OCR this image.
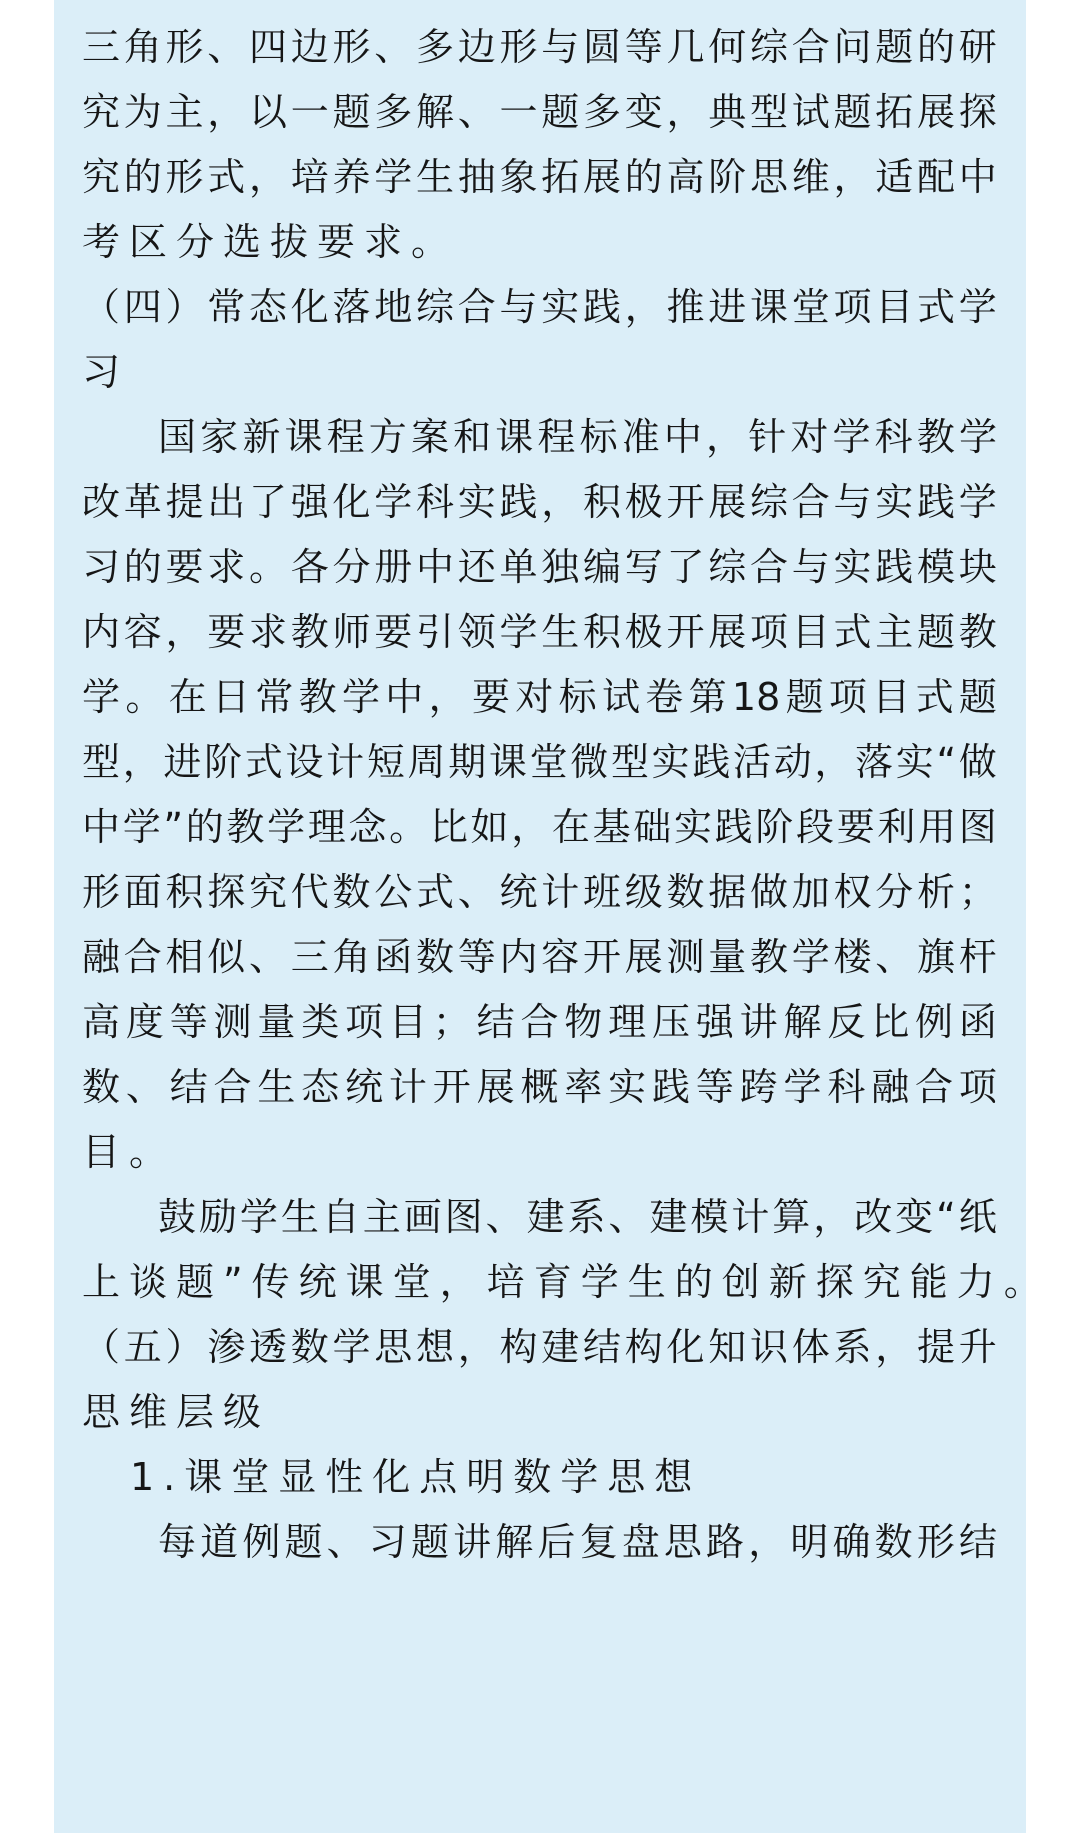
三 角 形 、 四 边 形 、 多 边 形 与 圆 等 几 何 综 合 问 题 的 研
究 为 主 ， 以 一 题 多 解 、 一 题 多 变 ， 典 型 试 题 拓 展 探
究 的 形 式 ， 培 养 学 生 抽 象 拓 展 的 高 阶 思 维 ， 适 配 中
考区分选拔要求。
（ 四 ） 常 态 化 落 地 综 合 与 实 践 ， 推 进 课 堂 项 目 式 学
习
国 家 新 课 程 方 案 和 课 程 标 准 中 ， 针 对 学 科 教 学
改 革 提 出 了 强 化 学 科 实 践 ， 积 极 开 展 综 合 与 实 践 学
习 的 要 求 。 各 分 册 中 还 单 独 编 写 了 综 合 与 实 践 模 块
内 容 ， 要 求 教 师 要 引 领 学 生 积 极 开 展 项 目 式 主 题 教
学 。 在 日 常 教 学 中 ， 要 对 标 试 卷 第 18 题 项 目 式 题
型 ， 进 阶 式 设 计 短 周 期 课 堂 微 型 实 践 活 动 ， 落 实 “ 做
中 学 ” 的 教 学 理 念 。 比 如 ， 在 基 础 实 践 阶 段 要 利 用 图
形 面 积 探 究 代 数 公 式 、 统 计 班 级 数 据 做 加 权 分 析 ；
融 合 相 似 、 三 角 函 数 等 内 容 开 展 测 量 教 学 楼 、 旗 杆
高 度 等 测 量 类 项 目 ； 结 合 物 理 压 强 讲 解 反 比 例 函
数 、 结 合 生 态 统 计 开 展 概 率 实 践 等 跨 学 科 融 合 项
目。
鼓 励 学 生 自 主 画 图 、 建 系 、 建 模 计 算 ， 改 变 “ 纸
上谈题”传统课堂，培育学生的创新探究能力。
（ 五 ） 渗 透 数 学 思 想 ， 构 建 结 构 化 知 识 体 系 ， 提 升
思维层级
1.课堂显性化点明数学思想
每 道 例 题 、 习 题 讲 解 后 复 盘 思 路 ， 明 确 数 形 结
